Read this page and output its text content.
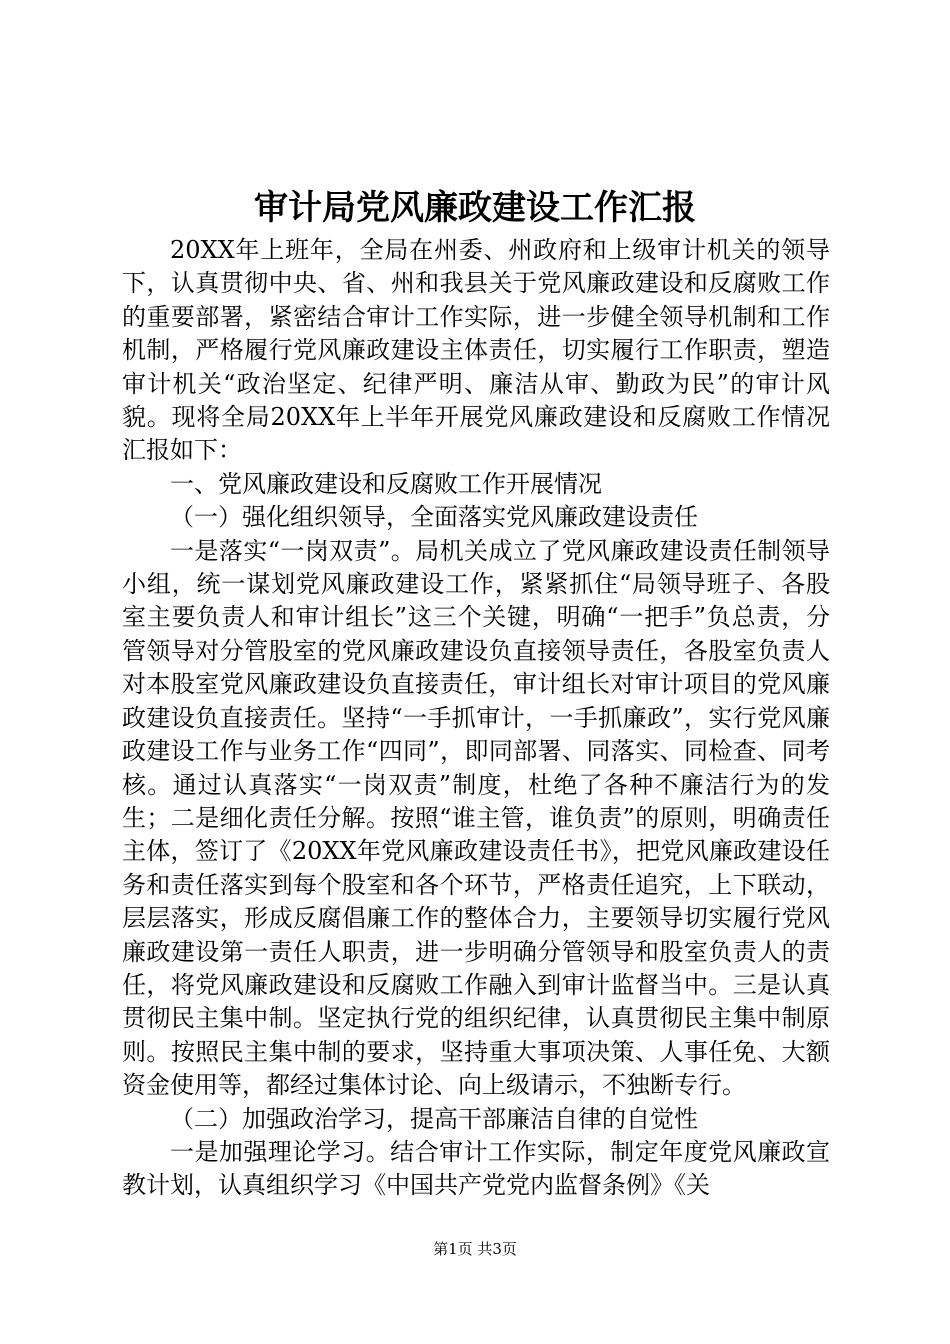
审计局党风廉政建设工作汇报

20XX年上班年，全局在州委、州政府和上级审计机关的领导下，认真贯彻中央、省、州和我县关于党风廉政建设和反腐败工作的重要部署，紧密结合审计工作实际，进一步健全领导机制和工作机制，严格履行党风廉政建设主体责任，切实履行工作职责，塑造审计机关“政治坚定、纪律严明、廉洁从审、勤政为民”的审计风貌。现将全局20XX年上半年开展党风廉政建设和反腐败工作情况汇报如下：

一、党风廉政建设和反腐败工作开展情况

（一）强化组织领导，全面落实党风廉政建设责任

一是落实“一岗双责”。局机关成立了党风廉政建设责任制领导小组，统一谋划党风廉政建设工作，紧紧抓住“局领导班子、各股室主要负责人和审计组长”这三个关键，明确“一把手”负总责，分管领导对分管股室的党风廉政建设负直接领导责任，各股室负责人对本股室党风廉政建设负直接责任，审计组长对审计项目的党风廉政建设负直接责任。坚持“一手抓审计，一手抓廉政”，实行党风廉政建设工作与业务工作“四同”，即同部署、同落实、同检查、同考核。通过认真落实“一岗双责”制度，杜绝了各种不廉洁行为的发生；二是细化责任分解。按照“谁主管，谁负责”的原则，明确责任主体，签订了《20XX年党风廉政建设责任书》，把党风廉政建设任务和责任落实到每个股室和各个环节，严格责任追究，上下联动，层层落实，形成反腐倡廉工作的整体合力，主要领导切实履行党风廉政建设第一责任人职责，进一步明确分管领导和股室负责人的责任，将党风廉政建设和反腐败工作融入到审计监督当中。三是认真贯彻民主集中制。坚定执行党的组织纪律，认真贯彻民主集中制原则。按照民主集中制的要求，坚持重大事项决策、人事任免、大额资金使用等，都经过集体讨论、向上级请示，不独断专行。

（二）加强政治学习，提高干部廉洁自律的自觉性

一是加强理论学习。结合审计工作实际，制定年度党风廉政宣教计划，认真组织学习《中国共产党党内监督条例》《关

第1页 共3页
